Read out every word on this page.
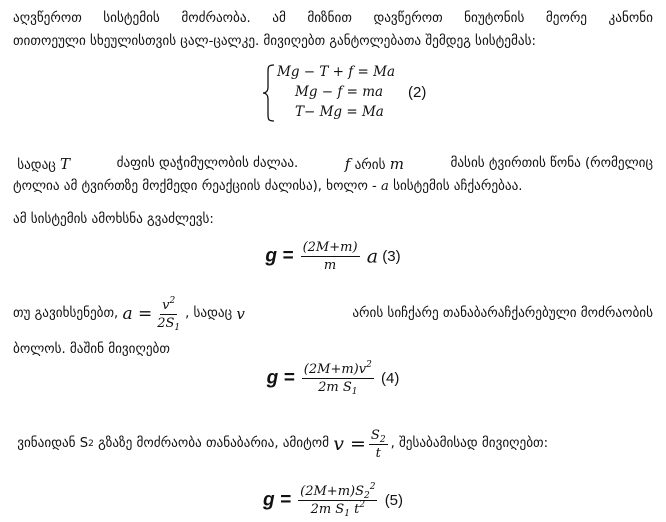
აღვწეროთ სისტემის მოძრაობა. ამ მიზნით დავწეროთ ნიუტონის მეორე კანონი
თითოეული სხეულისთვის ცალ-ცალკე. მივიღებთ განტოლებათა შემდეგ სისტემას:
Mg − T + f = Ma
Mg − f = ma
T− Mg = Ma
(2)
სადაც T	ძაფის დაჭიმულობის ძალაა.	f არის m	მასის ტვირთის წონა (რომელიც
ტოლია ამ ტვირთზე მოქმედი რეაქციის ძალისა), ხოლო - a სისტემის აჩქარებაა.
ამ სისტემის ამოხსნა გვაძლევს:
$g = \frac{(2M+m)}{m}$ a (3)
თუ გავიხსენებთ,
$a = \frac{v^2}{2S_1}$ , სადაც
v	არის სიჩქარე თანაბარაჩქარებული მოძრაობის
ბოლოს. მაშინ მივიღებთ
$g = \frac{(2M+m)v^2}{2m S_1} (4)$

ვინაიდან S 2
გზაზე მოძრაობა თანაბარია, ამიტომ
$v = \frac{S_2}{t}$ , შესაბამისად მივიღებთ:
$g = \frac{(2M+m)S_2^2}{2m S_1 t^2} (5)$
